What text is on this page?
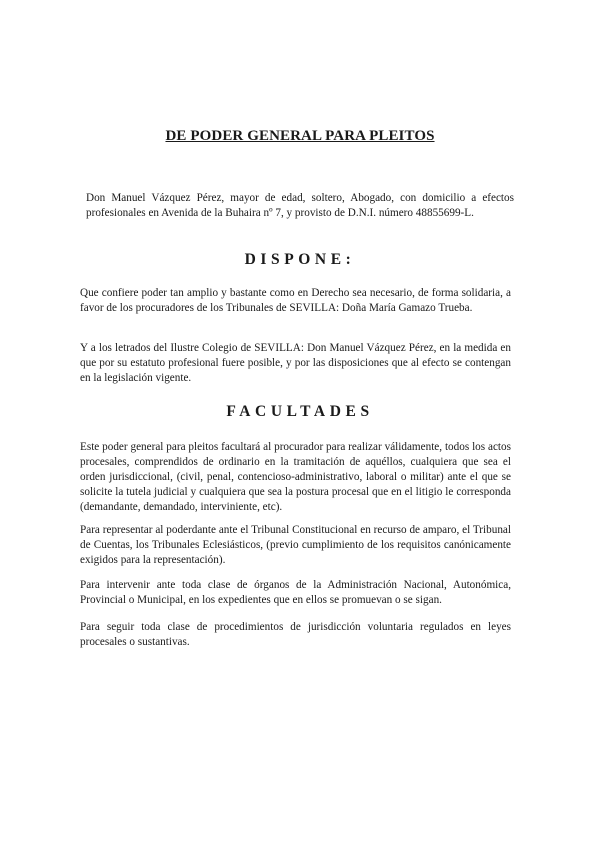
DE PODER GENERAL PARA PLEITOS
Don Manuel Vázquez Pérez, mayor de edad, soltero, Abogado, con domicilio a efectos profesionales en Avenida de la Buhaira nº 7, y provisto de D.N.I. número 48855699-L.
DISPONE:
Que confiere poder tan amplio y bastante como en Derecho sea necesario, de forma solidaria, a favor de los procuradores de los Tribunales de SEVILLA: Doña María Gamazo Trueba.
Y a los letrados del Ilustre Colegio de SEVILLA: Don Manuel Vázquez Pérez, en la medida en que por su estatuto profesional fuere posible, y por las disposiciones que al efecto se contengan en la legislación vigente.
FACULTADES
Este poder general para pleitos facultará al procurador para realizar válidamente, todos los actos procesales, comprendidos de ordinario en la tramitación de aquéllos, cualquiera que sea el orden jurisdiccional, (civil, penal, contencioso-administrativo, laboral o militar) ante el que se solicite la tutela judicial y cualquiera que sea la postura procesal que en el litigio le corresponda (demandante, demandado, interviniente, etc).
Para representar al poderdante ante el Tribunal Constitucional en recurso de amparo, el Tribunal de Cuentas, los Tribunales Eclesiásticos, (previo cumplimiento de los requisitos canónicamente exigidos para la representación).
Para intervenir ante toda clase de órganos de la Administración Nacional, Autonómica, Provincial o Municipal, en los expedientes que en ellos se promuevan o se sigan.
Para seguir toda clase de procedimientos de jurisdicción voluntaria regulados en leyes procesales o sustantivas.
